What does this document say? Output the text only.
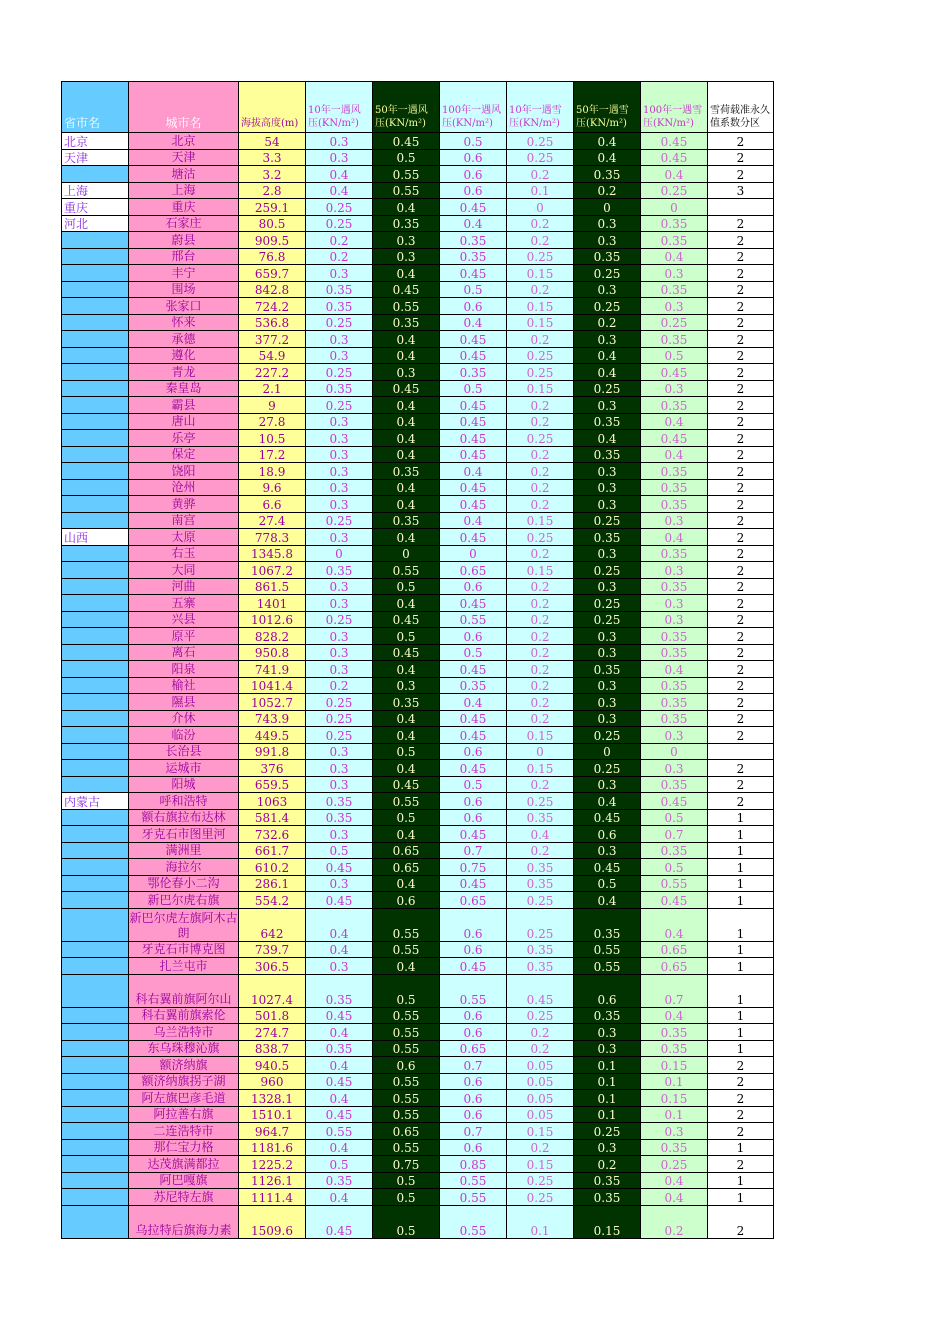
省市名	城市名	海拔高度(m)	10年一遇风压(KN/m²)	50年一遇风压(KN/m²)	100年一遇风压(KN/m²)	10年一遇雪压(KN/m²)	50年一遇雪压(KN/m²)	100年一遇雪压(KN/m²)	雪荷载准永久值系数分区
北京	北京	54	0.3	0.45	0.5	0.25	0.4	0.45	2
天津	天津	3.3	0.3	0.5	0.6	0.25	0.4	0.45	2
	塘沽	3.2	0.4	0.55	0.6	0.2	0.35	0.4	2
上海	上海	2.8	0.4	0.55	0.6	0.1	0.2	0.25	3
重庆	重庆	259.1	0.25	0.4	0.45	0	0	0	
河北	石家庄	80.5	0.25	0.35	0.4	0.2	0.3	0.35	2
	蔚县	909.5	0.2	0.3	0.35	0.2	0.3	0.35	2
	邢台	76.8	0.2	0.3	0.35	0.25	0.35	0.4	2
	丰宁	659.7	0.3	0.4	0.45	0.15	0.25	0.3	2
	围场	842.8	0.35	0.45	0.5	0.2	0.3	0.35	2
	张家口	724.2	0.35	0.55	0.6	0.15	0.25	0.3	2
	怀来	536.8	0.25	0.35	0.4	0.15	0.2	0.25	2
	承德	377.2	0.3	0.4	0.45	0.2	0.3	0.35	2
	遵化	54.9	0.3	0.4	0.45	0.25	0.4	0.5	2
	青龙	227.2	0.25	0.3	0.35	0.25	0.4	0.45	2
	秦皇岛	2.1	0.35	0.45	0.5	0.15	0.25	0.3	2
	霸县	9	0.25	0.4	0.45	0.2	0.3	0.35	2
	唐山	27.8	0.3	0.4	0.45	0.2	0.35	0.4	2
	乐亭	10.5	0.3	0.4	0.45	0.25	0.4	0.45	2
	保定	17.2	0.3	0.4	0.45	0.2	0.35	0.4	2
	饶阳	18.9	0.3	0.35	0.4	0.2	0.3	0.35	2
	沧州	9.6	0.3	0.4	0.45	0.2	0.3	0.35	2
	黄骅	6.6	0.3	0.4	0.45	0.2	0.3	0.35	2
	南宫	27.4	0.25	0.35	0.4	0.15	0.25	0.3	2
山西	太原	778.3	0.3	0.4	0.45	0.25	0.35	0.4	2
	右玉	1345.8	0	0	0	0.2	0.3	0.35	2
	大同	1067.2	0.35	0.55	0.65	0.15	0.25	0.3	2
	河曲	861.5	0.3	0.5	0.6	0.2	0.3	0.35	2
	五寨	1401	0.3	0.4	0.45	0.2	0.25	0.3	2
	兴县	1012.6	0.25	0.45	0.55	0.2	0.25	0.3	2
	原平	828.2	0.3	0.5	0.6	0.2	0.3	0.35	2
	离石	950.8	0.3	0.45	0.5	0.2	0.3	0.35	2
	阳泉	741.9	0.3	0.4	0.45	0.2	0.35	0.4	2
	榆社	1041.4	0.2	0.3	0.35	0.2	0.3	0.35	2
	隰县	1052.7	0.25	0.35	0.4	0.2	0.3	0.35	2
	介休	743.9	0.25	0.4	0.45	0.2	0.3	0.35	2
	临汾	449.5	0.25	0.4	0.45	0.15	0.25	0.3	2
	长治县	991.8	0.3	0.5	0.6	0	0	0	
	运城市	376	0.3	0.4	0.45	0.15	0.25	0.3	2
	阳城	659.5	0.3	0.45	0.5	0.2	0.3	0.35	2
内蒙古	呼和浩特	1063	0.35	0.55	0.6	0.25	0.4	0.45	2
	额右旗拉布达林	581.4	0.35	0.5	0.6	0.35	0.45	0.5	1
	牙克石市图里河	732.6	0.3	0.4	0.45	0.4	0.6	0.7	1
	满洲里	661.7	0.5	0.65	0.7	0.2	0.3	0.35	1
	海拉尔	610.2	0.45	0.65	0.75	0.35	0.45	0.5	1
	鄂伦春小二沟	286.1	0.3	0.4	0.45	0.35	0.5	0.55	1
	新巴尔虎右旗	554.2	0.45	0.6	0.65	0.25	0.4	0.45	1
	新巴尔虎左旗阿木古朗	642	0.4	0.55	0.6	0.25	0.35	0.4	1
	牙克石市博克图	739.7	0.4	0.55	0.6	0.35	0.55	0.65	1
	扎兰屯市	306.5	0.3	0.4	0.45	0.35	0.55	0.65	1
	科右翼前旗阿尔山	1027.4	0.35	0.5	0.55	0.45	0.6	0.7	1
	科右翼前旗索伦	501.8	0.45	0.55	0.6	0.25	0.35	0.4	1
	乌兰浩特市	274.7	0.4	0.55	0.6	0.2	0.3	0.35	1
	东乌珠穆沁旗	838.7	0.35	0.55	0.65	0.2	0.3	0.35	1
	额济纳旗	940.5	0.4	0.6	0.7	0.05	0.1	0.15	2
	额济纳旗拐子湖	960	0.45	0.55	0.6	0.05	0.1	0.1	2
	阿左旗巴彦毛道	1328.1	0.4	0.55	0.6	0.05	0.1	0.15	2
	阿拉善右旗	1510.1	0.45	0.55	0.6	0.05	0.1	0.1	2
	二连浩特市	964.7	0.55	0.65	0.7	0.15	0.25	0.3	2
	那仁宝力格	1181.6	0.4	0.55	0.6	0.2	0.3	0.35	1
	达茂旗满都拉	1225.2	0.5	0.75	0.85	0.15	0.2	0.25	2
	阿巴嘎旗	1126.1	0.35	0.5	0.55	0.25	0.35	0.4	1
	苏尼特左旗	1111.4	0.4	0.5	0.55	0.25	0.35	0.4	1
	乌拉特后旗海力素	1509.6	0.45	0.5	0.55	0.1	0.15	0.2	2
